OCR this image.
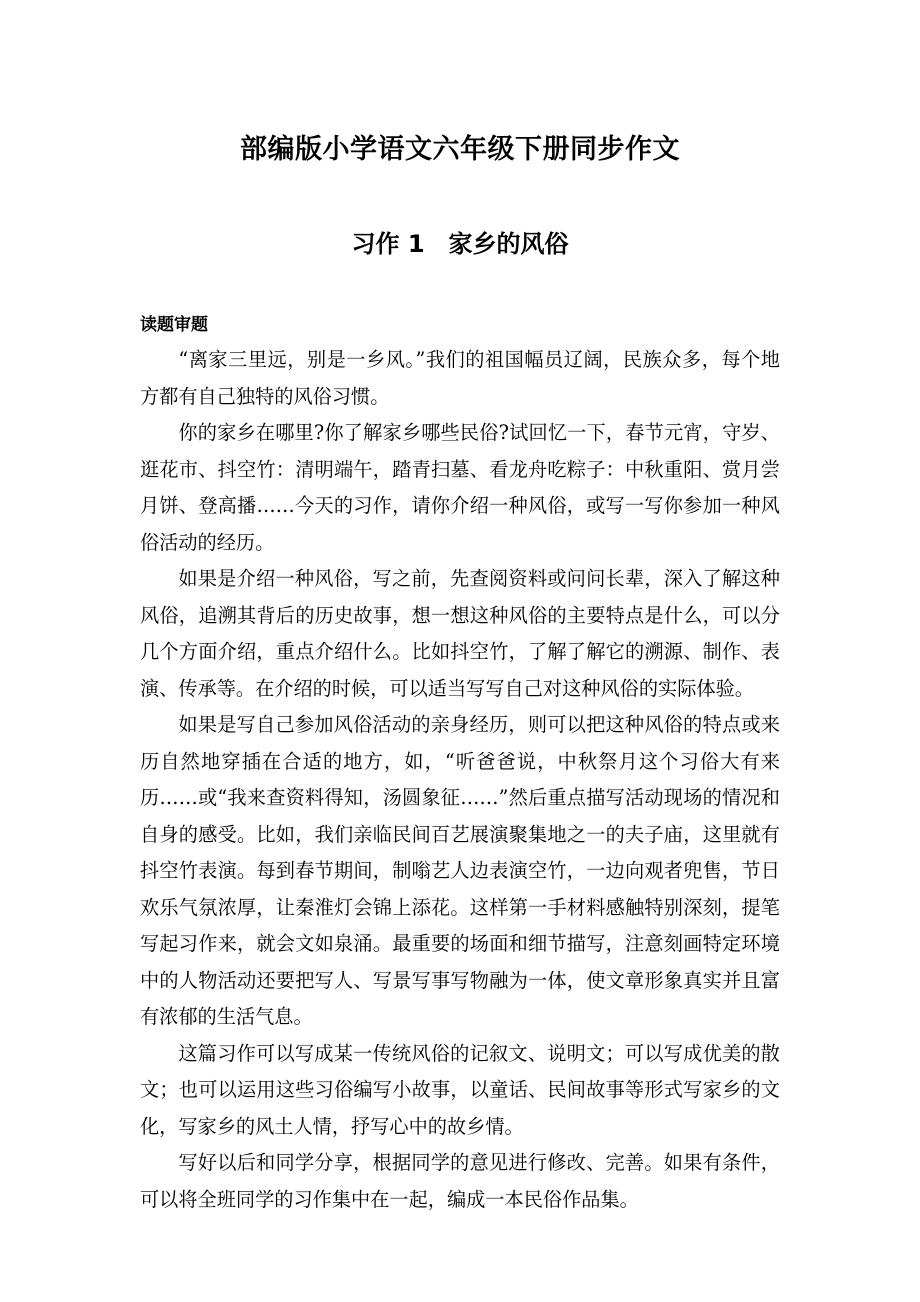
部编版小学语文六年级下册同步作文
习作 1　家乡的风俗

读题审题

“离家三里远，别是一乡风。”我们的祖国幅员辽阔，民族众多，每个地方都有自己独特的风俗习惯。

你的家乡在哪里?你了解家乡哪些民俗?试回忆一下，春节元宵，守岁、逛花市、抖空竹：清明端午，踏青扫墓、看龙舟吃粽子：中秋重阳、赏月尝月饼、登高播……今天的习作，请你介绍一种风俗，或写一写你参加一种风俗活动的经历。

如果是介绍一种风俗，写之前，先查阅资料或问问长辈，深入了解这种风俗，追溯其背后的历史故事，想一想这种风俗的主要特点是什么，可以分几个方面介绍，重点介绍什么。比如抖空竹，了解了解它的溯源、制作、表演、传承等。在介绍的时候，可以适当写写自己对这种风俗的实际体验。

如果是写自己参加风俗活动的亲身经历，则可以把这种风俗的特点或来历自然地穿插在合适的地方，如，“听爸爸说，中秋祭月这个习俗大有来历……或“我来查资料得知，汤圆象征……”然后重点描写活动现场的情况和自身的感受。比如，我们亲临民间百艺展演聚集地之一的夫子庙，这里就有抖空竹表演。每到春节期间，制嗡艺人边表演空竹，一边向观者兜售，节日欢乐气氛浓厚，让秦淮灯会锦上添花。这样第一手材料感触特别深刻，提笔写起习作来，就会文如泉涌。最重要的场面和细节描写，注意刻画特定环境中的人物活动还要把写人、写景写事写物融为一体，使文章形象真实并且富有浓郁的生活气息。

这篇习作可以写成某一传统风俗的记叙文、说明文；可以写成优美的散文；也可以运用这些习俗编写小故事，以童话、民间故事等形式写家乡的文化，写家乡的风土人情，抒写心中的故乡情。

写好以后和同学分享，根据同学的意见进行修改、完善。如果有条件，可以将全班同学的习作集中在一起，编成一本民俗作品集。
